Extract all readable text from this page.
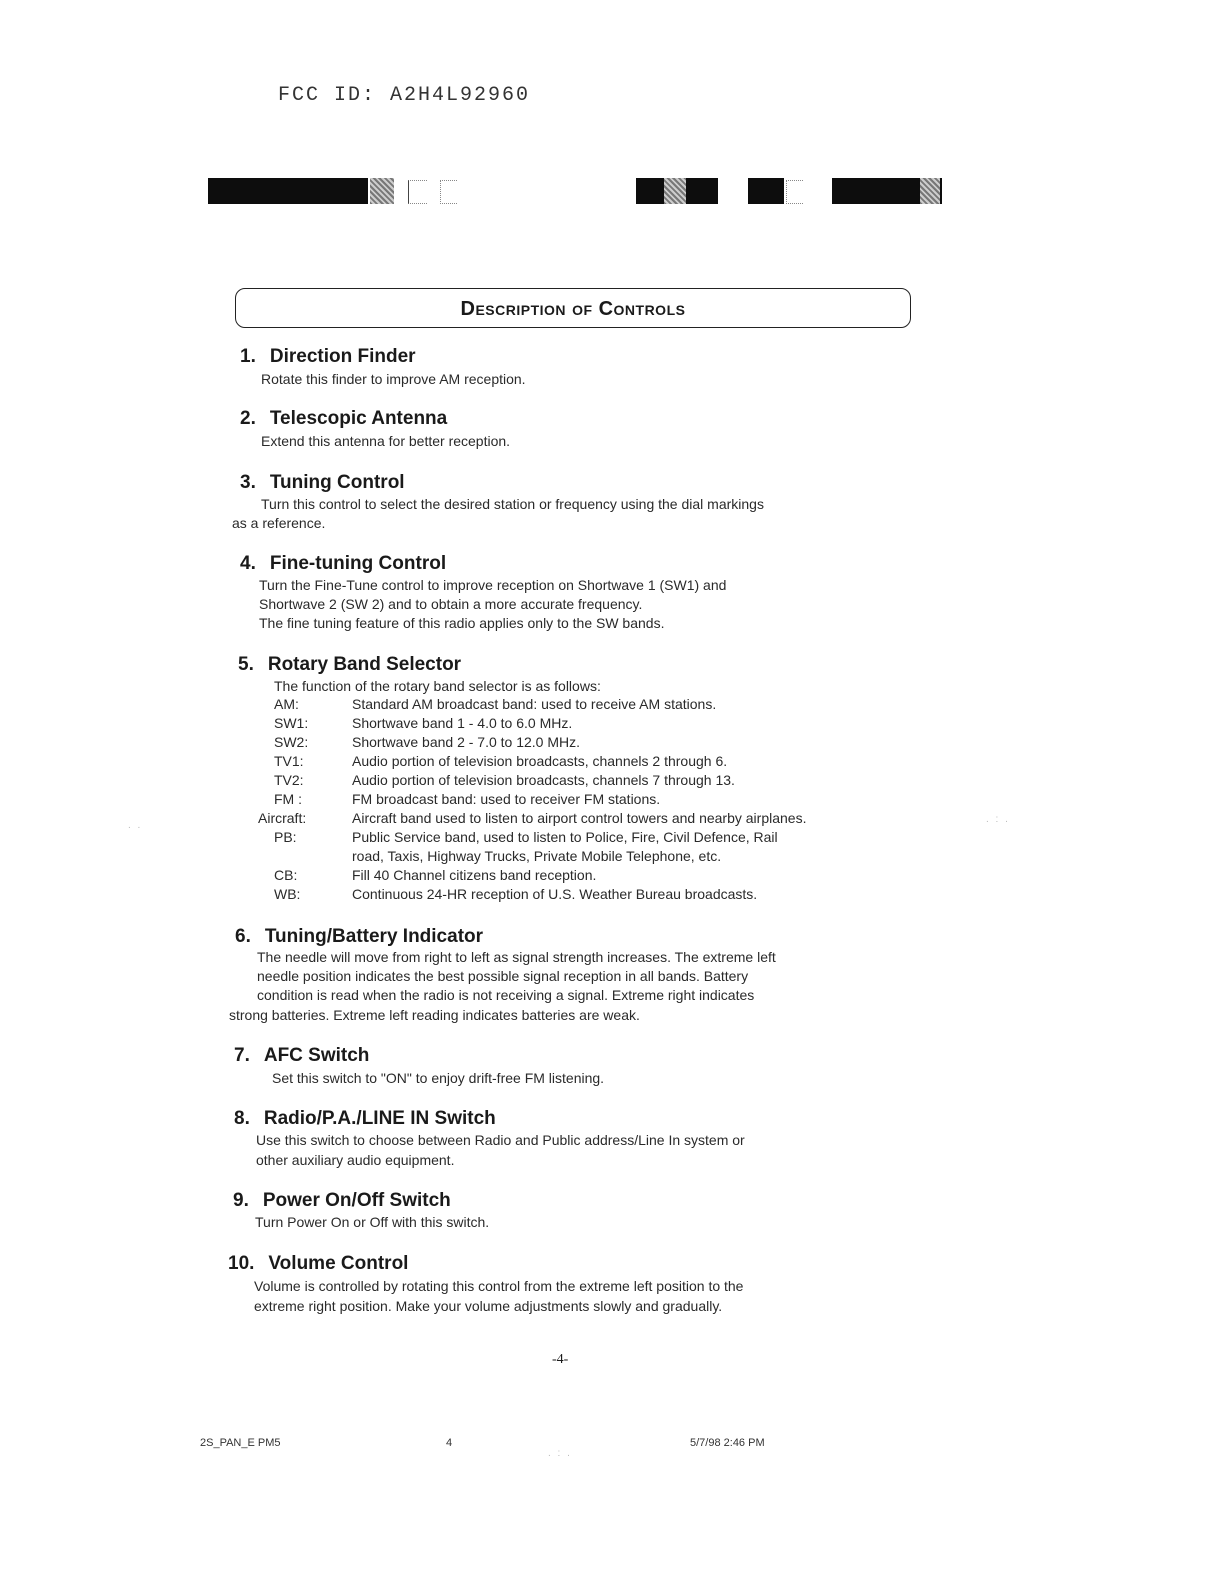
FCC ID: A2H4L92960
Description of Controls
1. Direction Finder

Rotate this finder to improve AM reception.

2. Telescopic Antenna

Extend this antenna for better reception.

3. Tuning Control

Turn this control to select the desired station or frequency using the dial markings

as a reference.

4. Fine-tuning Control

Turn the Fine-Tune control to improve reception on Shortwave 1 (SW1) and

Shortwave 2 (SW 2) and to obtain a more accurate frequency.

The fine tuning feature of this radio applies only to the SW bands.

5. Rotary Band Selector

The function of the rotary band selector is as follows:

AM:	Standard AM broadcast band: used to receive AM stations.
SW1:	Shortwave band 1 - 4.0 to 6.0 MHz.
SW2:	Shortwave band 2 - 7.0 to 12.0 MHz.
TV1:	Audio portion of television broadcasts, channels 2 through 6.
TV2:	Audio portion of television broadcasts, channels 7 through 13.
FM :	FM broadcast band: used to receiver FM stations.
Aircraft:	Aircraft band used to listen to airport control towers and nearby airplanes.
PB:	Public Service band, used to listen to Police, Fire, Civil Defence, Rail
road, Taxis, Highway Trucks, Private Mobile Telephone, etc.
CB:	Fill 40 Channel citizens band reception.
WB:	Continuous 24-HR reception of U.S. Weather Bureau broadcasts.
6. Tuning/Battery Indicator

The needle will move from right to left as signal strength increases. The extreme left

needle position indicates the best possible signal reception in all bands. Battery

condition is read when the radio is not receiving a signal. Extreme right indicates

strong batteries. Extreme left reading indicates batteries are weak.

7. AFC Switch

Set this switch to "ON" to enjoy drift-free FM listening.

8. Radio/P.A./LINE IN Switch

Use this switch to choose between Radio and Public address/Line In system or

other auxiliary audio equipment.

9. Power On/Off Switch

Turn Power On or Off with this switch.

10. Volume Control

Volume is controlled by rotating this control from the extreme left position to the

extreme right position. Make your volume adjustments slowly and gradually.

-4-
2S_PAN_E PM5	4	5/7/98 2:46 PM
. .
. : .
. : .
